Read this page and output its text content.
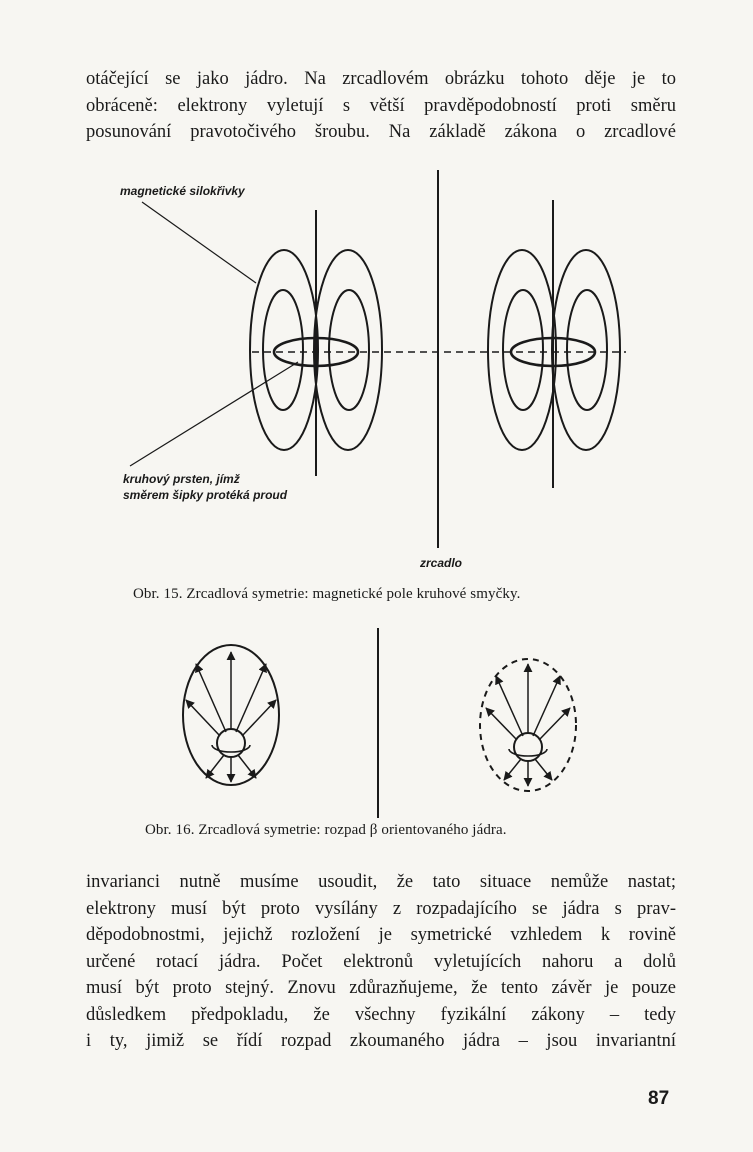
otáčející se jako jádro. Na zrcadlovém obrázku tohoto děje je to
obráceně: elektrony vyletují s větší pravděpodobností proti směru
posunování pravotočivého šroubu. Na základě zákona o zrcadlové
magnetické silokřivky
kruhový prsten, jímž
směrem šipky protéká proud
zrcadlo
Obr. 15. Zrcadlová symetrie: magnetické pole kruhové smyčky.
Obr. 16. Zrcadlová symetrie: rozpad β orientovaného jádra.
invarianci nutně musíme usoudit, že tato situace nemůže nastat;
elektrony musí být proto vysílány z rozpadajícího se jádra s prav-
děpodobnostmi, jejichž rozložení je symetrické vzhledem k rovině
určené rotací jádra. Počet elektronů vyletujících nahoru a dolů
musí být proto stejný. Znovu zdůrazňujeme, že tento závěr je pouze
důsledkem předpokladu, že všechny fyzikální zákony – tedy
i ty, jimiž se řídí rozpad zkoumaného jádra – jsou invariantní
87
